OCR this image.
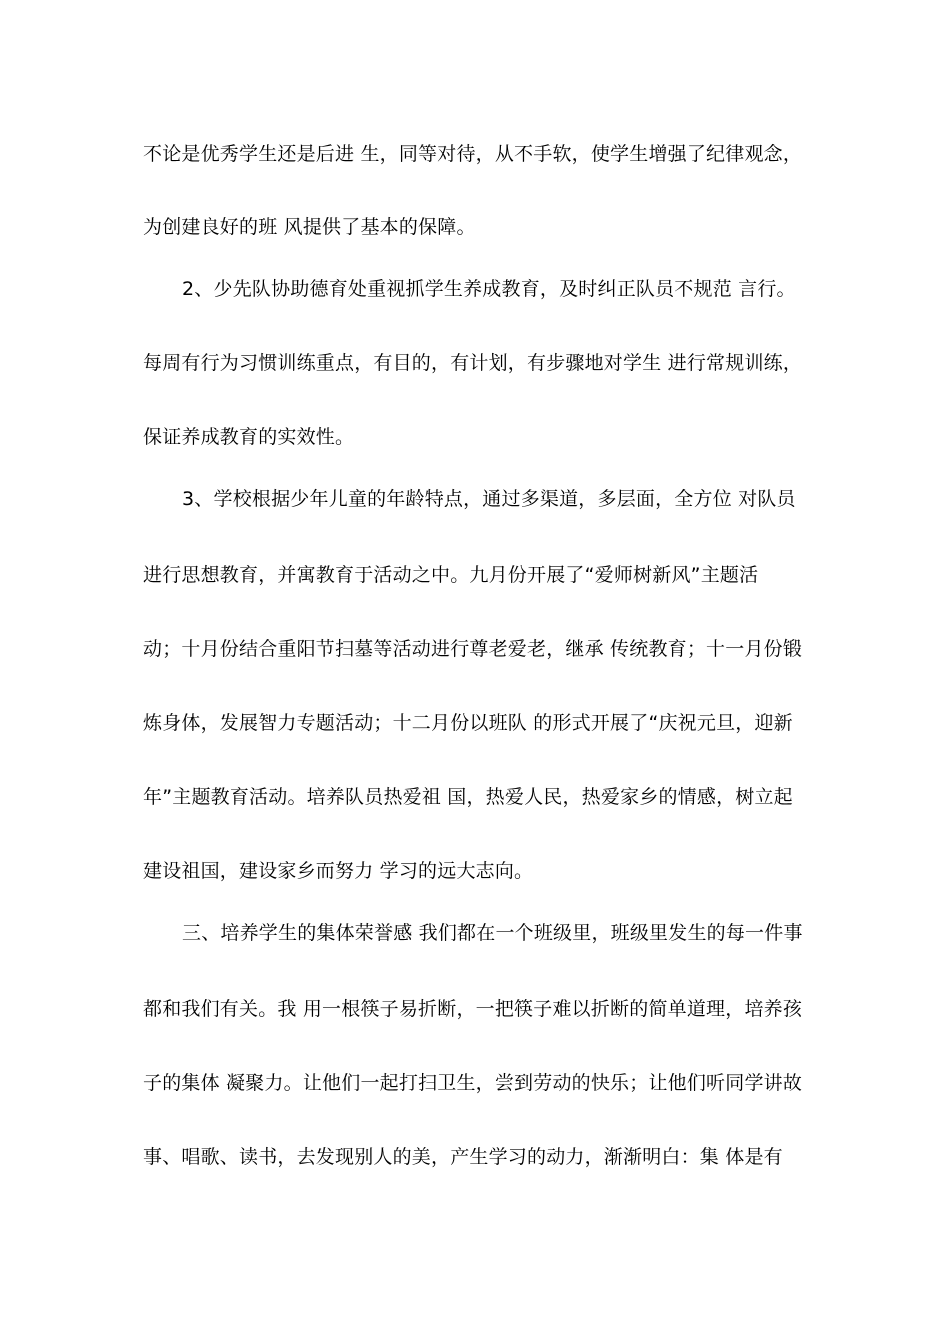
不论是优秀学生还是后进 生，同等对待，从不手软，使学生增强了纪律观念，
为创建良好的班 风提供了基本的保障。
2、少先队协助德育处重视抓学生养成教育，及时纠正队员不规范 言行。
每周有行为习惯训练重点，有目的，有计划，有步骤地对学生 进行常规训练，
保证养成教育的实效性。
3、学校根据少年儿童的年龄特点，通过多渠道，多层面，全方位 对队员
进行思想教育，并寓教育于活动之中。九月份开展了“爱师树新风”主题活
动；十月份结合重阳节扫墓等活动进行尊老爱老，继承 传统教育；十一月份锻
炼身体，发展智力专题活动；十二月份以班队 的形式开展了“庆祝元旦，迎新
年”主题教育活动。培养队员热爱祖 国，热爱人民，热爱家乡的情感，树立起
建设祖国，建设家乡而努力 学习的远大志向。
三、培养学生的集体荣誉感 我们都在一个班级里，班级里发生的每一件事
都和我们有关。我 用一根筷子易折断，一把筷子难以折断的简单道理，培养孩
子的集体 凝聚力。让他们一起打扫卫生，尝到劳动的快乐；让他们听同学讲故
事、唱歌、读书，去发现别人的美，产生学习的动力，渐渐明白：集 体是有
